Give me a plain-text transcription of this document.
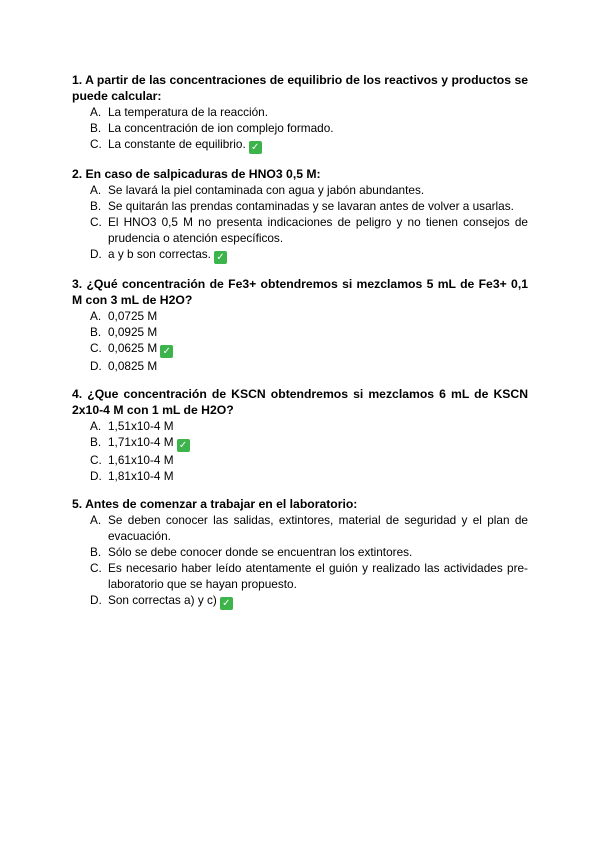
1. A partir de las concentraciones de equilibrio de los reactivos y productos se puede calcular:
A. La temperatura de la reacción.
B. La concentración de ion complejo formado.
C. La constante de equilibrio. ✓
2. En caso de salpicaduras de HNO3 0,5 M:
A. Se lavará la piel contaminada con agua y jabón abundantes.
B. Se quitarán las prendas contaminadas y se lavaran antes de volver a usarlas.
C. El HNO3 0,5 M no presenta indicaciones de peligro y no tienen consejos de prudencia o atención específicos.
D. a y b son correctas. ✓
3. ¿Qué concentración de Fe3+ obtendremos si mezclamos 5 mL de Fe3+ 0,1 M con 3 mL de H2O?
A. 0,0725 M
B. 0,0925 M
C. 0,0625 M ✓
D. 0,0825 M
4. ¿Que concentración de KSCN obtendremos si mezclamos 6 mL de KSCN 2x10-4 M con 1 mL de H2O?
A. 1,51x10-4 M
B. 1,71x10-4 M ✓
C. 1,61x10-4 M
D. 1,81x10-4 M
5. Antes de comenzar a trabajar en el laboratorio:
A. Se deben conocer las salidas, extintores, material de seguridad y el plan de evacuación.
B. Sólo se debe conocer donde se encuentran los extintores.
C. Es necesario haber leído atentamente el guión y realizado las actividades pre-laboratorio que se hayan propuesto.
D. Son correctas a) y c) ✓
